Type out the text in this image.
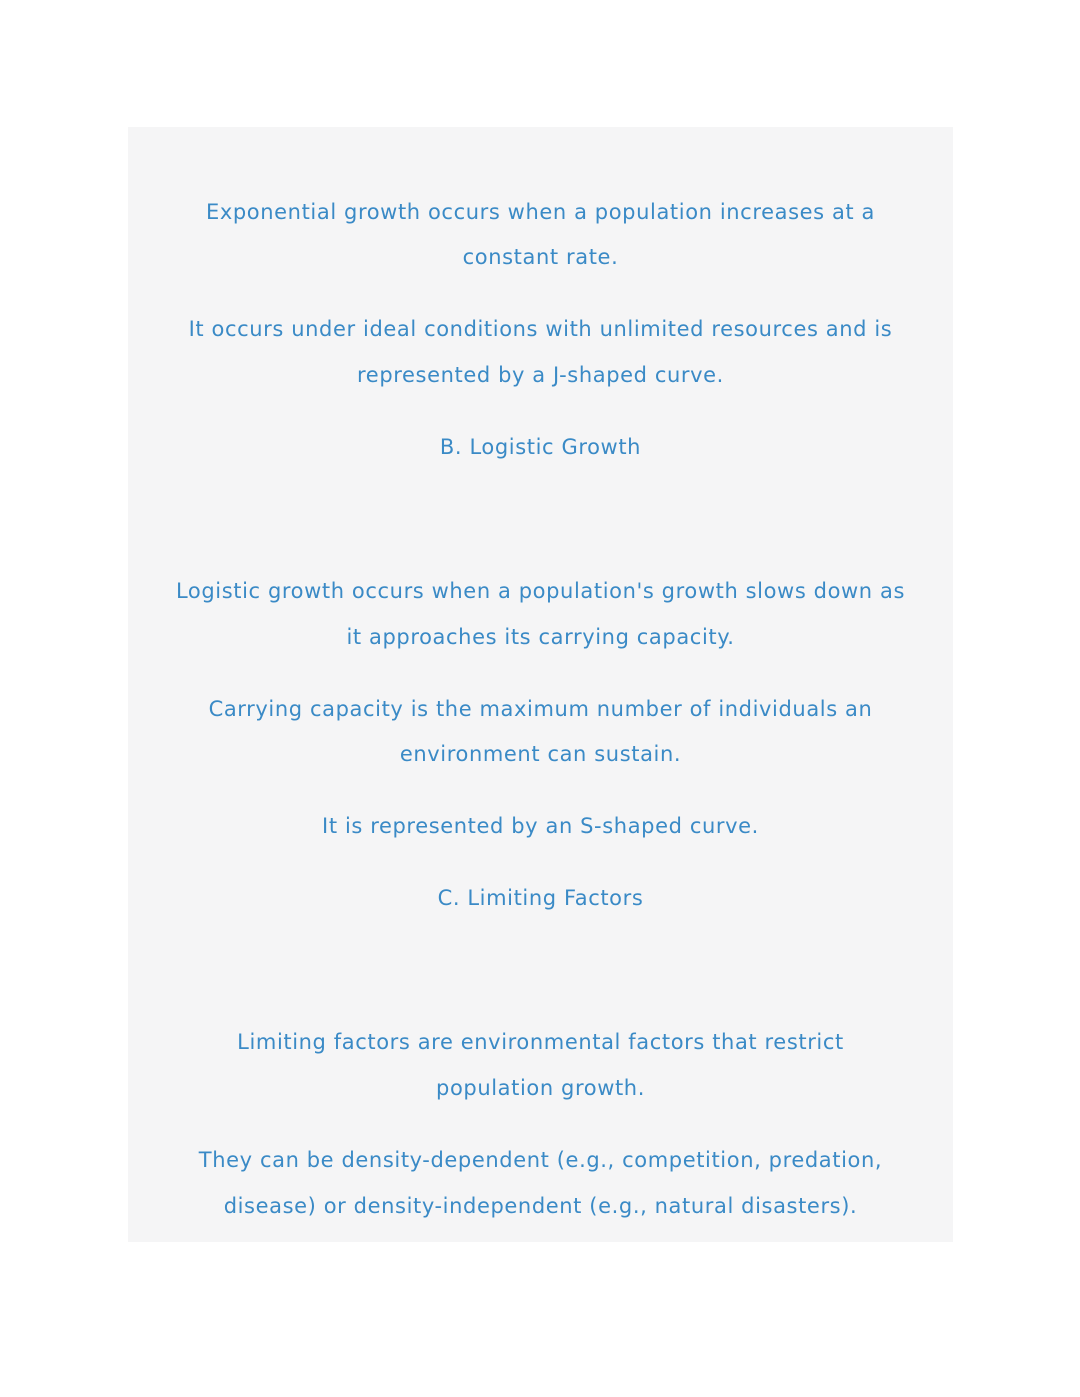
Exponential growth occurs when a population increases at a
constant rate.
It occurs under ideal conditions with unlimited resources and is
represented by a J-shaped curve.
B. Logistic Growth
Logistic growth occurs when a population's growth slows down as
it approaches its carrying capacity.
Carrying capacity is the maximum number of individuals an
environment can sustain.
It is represented by an S-shaped curve.
C. Limiting Factors
Limiting factors are environmental factors that restrict
population growth.
They can be density-dependent (e.g., competition, predation,
disease) or density-independent (e.g., natural disasters).
